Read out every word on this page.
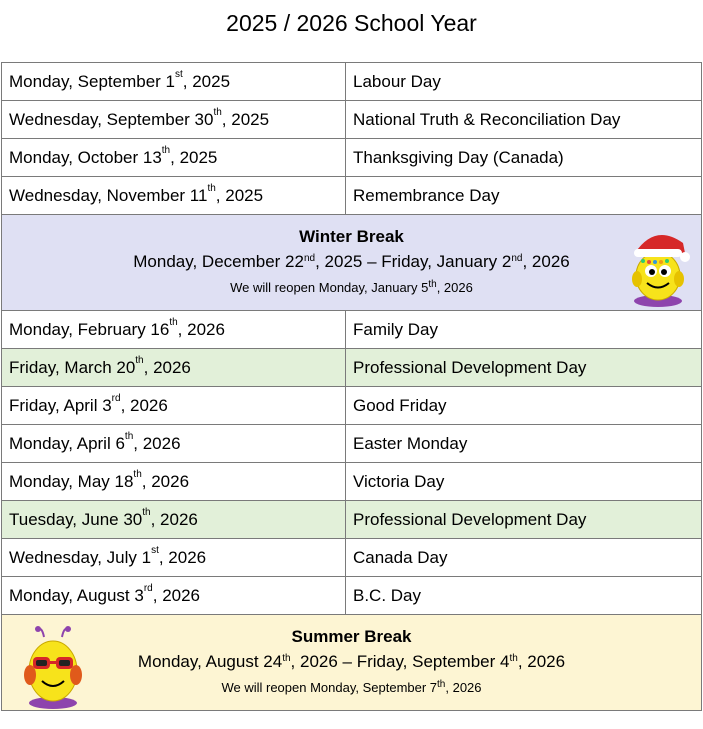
2025 / 2026 School Year
Monday, September 1st, 2025	Labour Day
Wednesday, September 30th, 2025	National Truth & Reconciliation Day
Monday, October 13th, 2025	Thanksgiving Day (Canada)
Wednesday, November 11th, 2025	Remembrance Day

Winter Break
Monday, December 22nd, 2025 – Friday, January 2nd, 2026
We will reopen Monday, January 5th, 2026	

Monday, February 16th, 2026	Family Day
Friday, March 20th, 2026	Professional Development Day
Friday, April 3rd, 2026	Good Friday
Monday, April 6th, 2026	Easter Monday
Monday, May 18th, 2026	Victoria Day
Tuesday, June 30th, 2026	Professional Development Day
Wednesday, July 1st, 2026	Canada Day
Monday, August 3rd, 2026	B.C. Day

Summer Break
Monday, August 24th, 2026 – Friday, September 4th, 2026
We will reopen Monday, September 7th, 2026	
